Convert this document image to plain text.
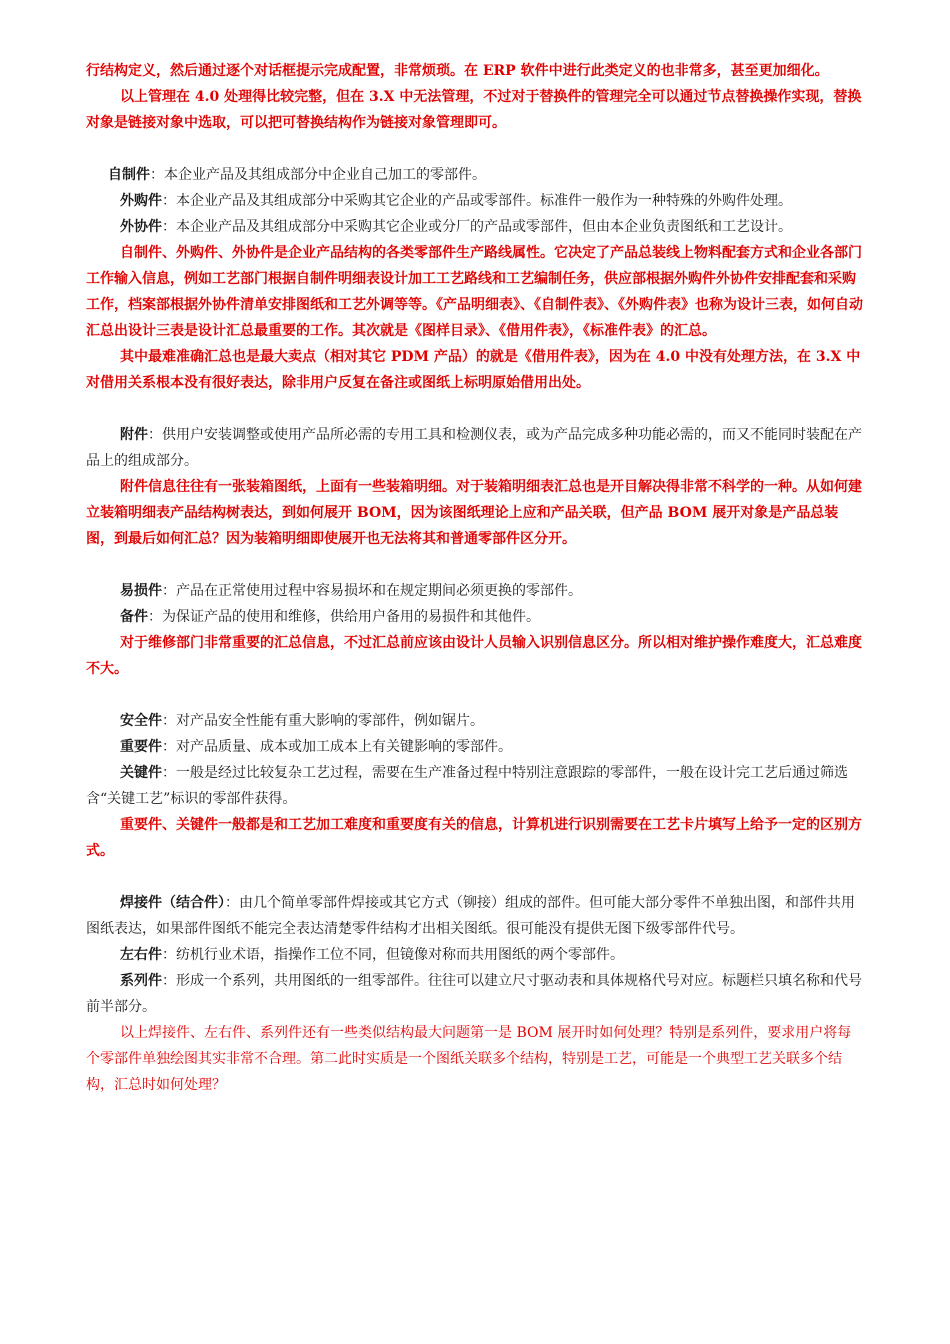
行结构定义，然后通过逐个对话框提示完成配置，非常烦琐。在 ERP 软件中进行此类定义的也非常多，甚至更加细化。

以上管理在 4.0 处理得比较完整，但在 3.X 中无法管理，不过对于替换件的管理完全可以通过节点替换操作实现，替换对象是链接对象中选取，可以把可替换结构作为链接对象管理即可。

自制件：本企业产品及其组成部分中企业自己加工的零部件。

外购件：本企业产品及其组成部分中采购其它企业的产品或零部件。标准件一般作为一种特殊的外购件处理。

外协件：本企业产品及其组成部分中采购其它企业或分厂的产品或零部件，但由本企业负责图纸和工艺设计。

自制件、外购件、外协件是企业产品结构的各类零部件生产路线属性。它决定了产品总装线上物料配套方式和企业各部门工作输入信息，例如工艺部门根据自制件明细表设计加工工艺路线和工艺编制任务，供应部根据外购件外协件安排配套和采购工作，档案部根据外协件清单安排图纸和工艺外调等等。《产品明细表》、《自制件表》、《外购件表》也称为设计三表，如何自动汇总出设计三表是设计汇总最重要的工作。其次就是《图样目录》、《借用件表》，《标准件表》的汇总。

其中最难准确汇总也是最大卖点（相对其它 PDM 产品）的就是《借用件表》，因为在 4.0 中没有处理方法，在 3.X 中对借用关系根本没有很好表达，除非用户反复在备注或图纸上标明原始借用出处。

附件：供用户安装调整或使用产品所必需的专用工具和检测仪表，或为产品完成多种功能必需的，而又不能同时装配在产品上的组成部分。

附件信息往往有一张装箱图纸，上面有一些装箱明细。对于装箱明细表汇总也是开目解决得非常不科学的一种。从如何建立装箱明细表产品结构树表达，到如何展开 BOM，因为该图纸理论上应和产品关联，但产品 BOM 展开对象是产品总装图，到最后如何汇总？因为装箱明细即使展开也无法将其和普通零部件区分开。

易损件：产品在正常使用过程中容易损坏和在规定期间必须更换的零部件。

备件：为保证产品的使用和维修，供给用户备用的易损件和其他件。

对于维修部门非常重要的汇总信息，不过汇总前应该由设计人员输入识别信息区分。所以相对维护操作难度大，汇总难度不大。

安全件：对产品安全性能有重大影响的零部件，例如锯片。

重要件：对产品质量、成本或加工成本上有关键影响的零部件。

关键件：一般是经过比较复杂工艺过程，需要在生产准备过程中特别注意跟踪的零部件，一般在设计完工艺后通过筛选含“关键工艺”标识的零部件获得。

重要件、关键件一般都是和工艺加工难度和重要度有关的信息，计算机进行识别需要在工艺卡片填写上给予一定的区别方式。

焊接件（结合件）：由几个简单零部件焊接或其它方式（铆接）组成的部件。但可能大部分零件不单独出图，和部件共用图纸表达，如果部件图纸不能完全表达清楚零件结构才出相关图纸。很可能没有提供无图下级零部件代号。

左右件：纺机行业术语，指操作工位不同，但镜像对称而共用图纸的两个零部件。

系列件：形成一个系列，共用图纸的一组零部件。往往可以建立尺寸驱动表和具体规格代号对应。标题栏只填名称和代号前半部分。

以上焊接件、左右件、系列件还有一些类似结构最大问题第一是 BOM 展开时如何处理？特别是系列件，要求用户将每个零部件单独绘图其实非常不合理。第二此时实质是一个图纸关联多个结构，特别是工艺，可能是一个典型工艺关联多个结构，汇总时如何处理？
